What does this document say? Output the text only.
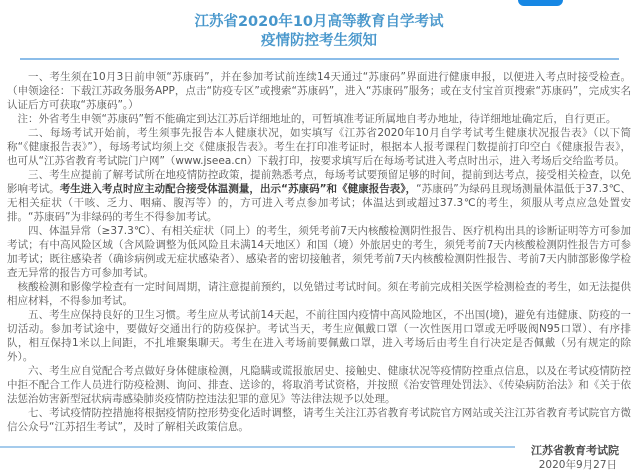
江苏省2020年10月高等教育自学考试
疫情防控考生须知

一、考生须在10月3日前申领“苏康码”，并在参加考试前连续14天通过“苏康码”界面进行健康申报，以便进入考点时接受检查。（申领途径：下载江苏政务服务APP，点击“防疫专区”或搜索“苏康码”，进入“苏康码”服务；或在支付宝首页搜索“苏康码”，完成实名认证后方可获取“苏康码”。）

注：外省考生申领“苏康码”暂不能确定到达江苏后详细地址的，可暂填准考证所属地自考办地址，待详细地址确定后，自行更正。

二、每场考试开始前，考生须事先报告本人健康状况，如实填写《江苏省2020年10月自学考试考生健康状况报告表》（以下简称“《健康报告表》”），每场考试均须上交《健康报告表》。考生在打印准考证时，根据本人报考课程门数提前打印空白《健康报告表》，也可从“江苏省教育考试院门户网”（www.jseea.cn）下载打印，按要求填写后在每场考试进入考点时出示，进入考场后交给监考员。

三、考生应提前了解考试所在地疫情防控政策，提前熟悉考点，每场考试要预留足够的时间，提前到达考点，接受相关检查，以免影响考试。考生进入考点时应主动配合接受体温测量，出示“苏康码”和《健康报告表》，“苏康码”为绿码且现场测量体温低于37.3℃、无相关症状（干咳、乏力、咽痛、腹泻等）的，方可进入考点参加考试；体温达到或超过37.3℃的考生，须服从考点应急处置安排。“苏康码”为非绿码的考生不得参加考试。

四、体温异常（≥37.3℃）、有相关症状（同上）的考生，须凭考前7天内核酸检测阴性报告、医疗机构出具的诊断证明等方可参加考试；有中高风险区域（含风险调整为低风险且未满14天地区）和国（境）外旅居史的考生，须凭考前7天内核酸检测阴性报告方可参加考试；既往感染者（确诊病例或无症状感染者）、感染者的密切接触者，须凭考前7天内核酸检测阴性报告、考前7天内肺部影像学检查无异常的报告方可参加考试。

核酸检测和影像学检查有一定时间周期，请注意提前预约，以免错过考试时间。须在考前完成相关医学检测检查的考生，如无法提供相应材料，不得参加考试。

五、考生应保持良好的卫生习惯。考生应从考试前14天起，不前往国内疫情中高风险地区，不出国(境)，避免有违健康、防疫的一切活动。参加考试途中，要做好交通出行的防疫保护。考试当天，考生应佩戴口罩（一次性医用口罩或无呼吸阀N95口罩）、有序排队，相互保持1米以上间距，不扎堆聚集聊天。考生在进入考场前要佩戴口罩，进入考场后由考生自行决定是否佩戴（另有规定的除外）。

六、考生应自觉配合考点做好身体健康检测，凡隐瞒或谎报旅居史、接触史、健康状况等疫情防控重点信息，以及在考试疫情防控中拒不配合工作人员进行防疫检测、询问、排查、送诊的，将取消考试资格，并按照《治安管理处罚法》、《传染病防治法》和《关于依法惩治妨害新型冠状病毒感染肺炎疫情防控违法犯罪的意见》等法律法规予以处理。

七、考试疫情防控措施将根据疫情防控形势变化适时调整，请考生关注江苏省教育考试院官方网站或关注江苏省教育考试院官方微信公众号“江苏招生考试”，及时了解相关政策信息。

江苏省教育考试院
2020年9月27日
